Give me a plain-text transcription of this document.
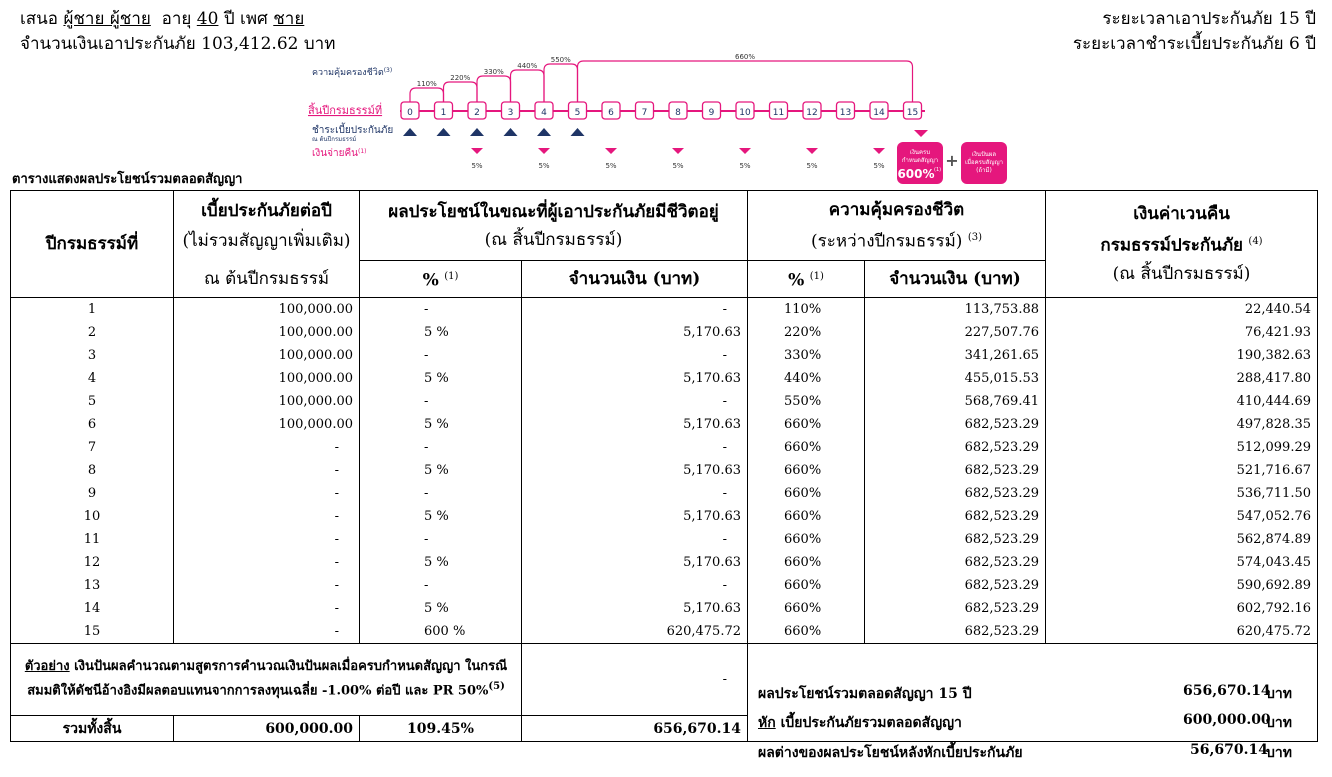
เสนอ ผู้ชาย ผู้ชาย อายุ 40 ปี เพศ ชาย
จำนวนเงินเอาประกันภัย 103,412.62 บาท
ระยะเวลาเอาประกันภัย 15 ปี
ระยะเวลาชำระเบี้ยประกันภัย 6 ปี
ความคุ้มครองชีวิต$^{(3)}$
สิ้นปีกรมธรรม์ที่
ชำระเบี้ยประกันภัย
ณ ต้นปีกรมธรรม์
เงินจ่ายคืน$^{(1)}$
110%
220%
330%
440%
550%	660%
0	1	2	3	4	5	6	7	8	9	10 11 12 13 14 15
5%	5%	5%	5%	5%	5%	5%
เงินครบ
กำหนดสัญญา
600% (1) + เงินปันผล
เมื่อครบสัญญา
(ถ้ามี)
ตารางแสดงผลประโยชน์รวมตลอดสัญญา
ปีกรมธรรม์ที่	เบี้ยประกันภัยต่อปี
(ไม่รวมสัญญาเพิ่มเติม)	ผลประโยชน์ในขณะที่ผู้เอาประกันภัยมีชีวิตอยู่
(ณ สิ้นปีกรมธรรม์)		ความคุ้มครองชีวิต
(ระหว่างปีกรมธรรม์) $^{(3)}$		เงินค่าเวนคืน
กรมธรรม์ประกันภัย $^{(4)}$
(ณ สิ้นปีกรมธรรม์)
	ณ ต้นปีกรมธรรม์	% $^{(1)}$	จำนวนเงิน (บาท)	% $^{(1)}$	จำนวนเงิน (บาท)	
1	100,000.00	-	-	110%	113,753.88	22,440.54
2	100,000.00	5 %	5,170.63	220%	227,507.76	76,421.93
3	100,000.00	-	-	330%	341,261.65	190,382.63
4	100,000.00	5 %	5,170.63	440%	455,015.53	288,417.80
5	100,000.00	-	-	550%	568,769.41	410,444.69
6	100,000.00	5 %	5,170.63	660%	682,523.29	497,828.35
7	-	-	-	660%	682,523.29	512,099.29
8	-	5 %	5,170.63	660%	682,523.29	521,716.67
9	-	-	-	660%	682,523.29	536,711.50
10	-	5 %	5,170.63	660%	682,523.29	547,052.76
11	-	-	-	660%	682,523.29	562,874.89
12	-	5 %	5,170.63	660%	682,523.29	574,043.45
13	-	-	-	660%	682,523.29	590,692.89
14	-	5 %	5,170.63	660%	682,523.29	602,792.16
15	-	600 %	620,475.72	660%	682,523.29	620,475.72
ตัวอย่าง เงินปันผลคำนวณตามสูตรการคำนวณเงินปันผลเมื่อครบกำหนดสัญญา ในกรณีสมมติให้ดัชนีอ้างอิงมีผลตอบแทนจากการลงทุนเฉลี่ย -1.00% ต่อปี และ PR 50%$^{(5)}$			-			
รวมทั้งสิ้น	600,000.00	109.45%	656,670.14			
ผลประโยชน์รวมตลอดสัญญา 15 ปี	656,670.14
บาท
หัก เบี้ยประกันภัยรวมตลอดสัญญา	600,000.00
บาท
ผลต่างของผลประโยชน์หลังหักเบี้ยประกันภัย	56,670.14
บาท
